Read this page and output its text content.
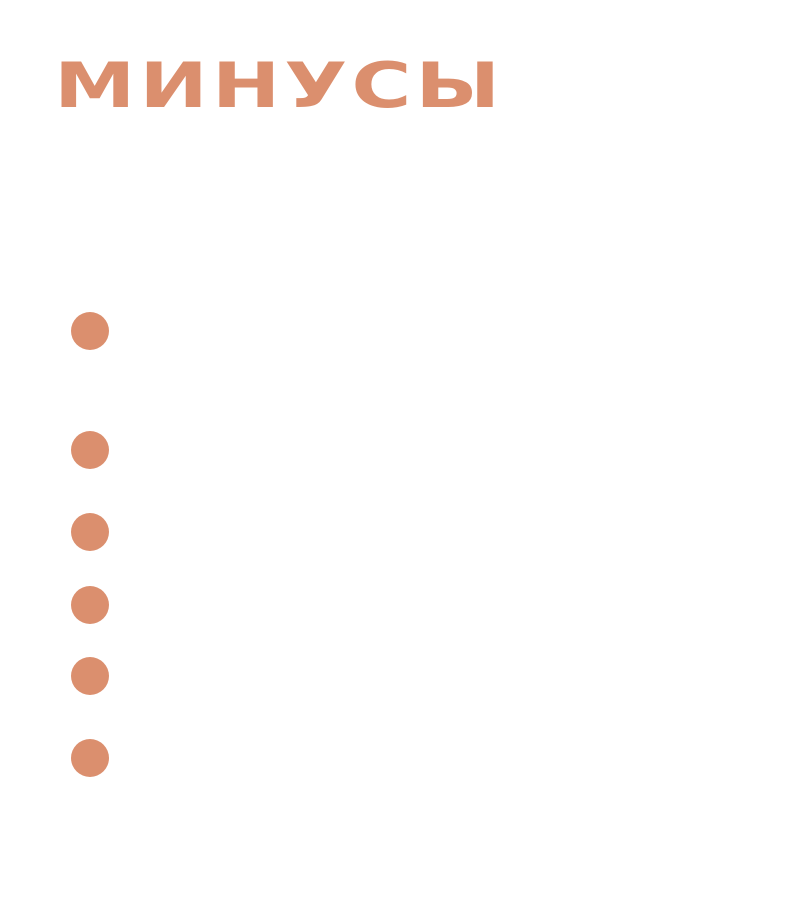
МИНУСЫ
